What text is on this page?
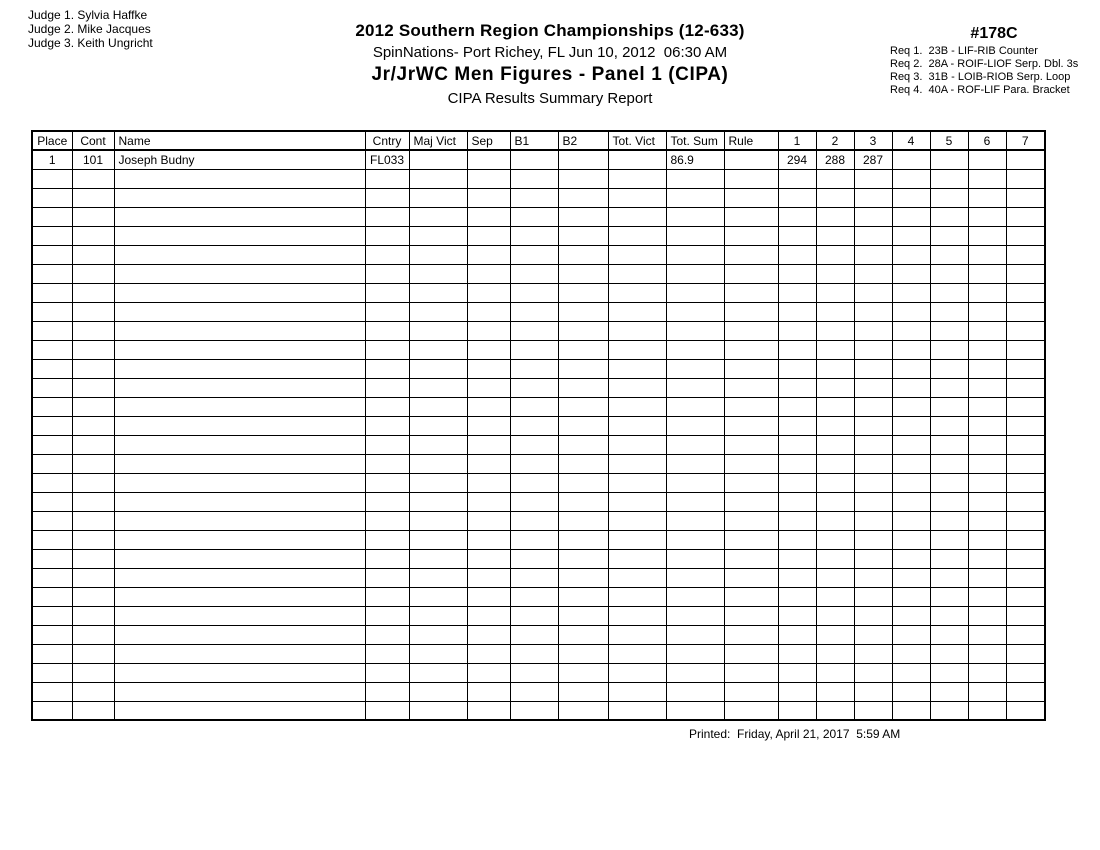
Judge 1. Sylvia Haffke
Judge 2. Mike Jacques
Judge 3. Keith Ungricht
2012 Southern Region Championships (12-633)
SpinNations- Port Richey, FL Jun 10, 2012  06:30 AM
Jr/JrWC Men Figures - Panel 1 (CIPA)
CIPA Results Summary Report
#178C
Req 1.  23B - LIF-RIB Counter
Req 2.  28A - ROIF-LIOF Serp. Dbl. 3s
Req 3.  31B - LOIB-RIOB Serp. Loop
Req 4.  40A - ROF-LIF Para. Bracket
Place	Cont	Name	Cntry	Maj Vict	Sep	B1	B2	Tot. Vict	Tot. Sum	Rule	1	2	3	4	5	6	7
1	101	Joseph Budny	FL033						86.9		294	288	287				

Printed:  Friday, April 21, 2017  5:59 AM
